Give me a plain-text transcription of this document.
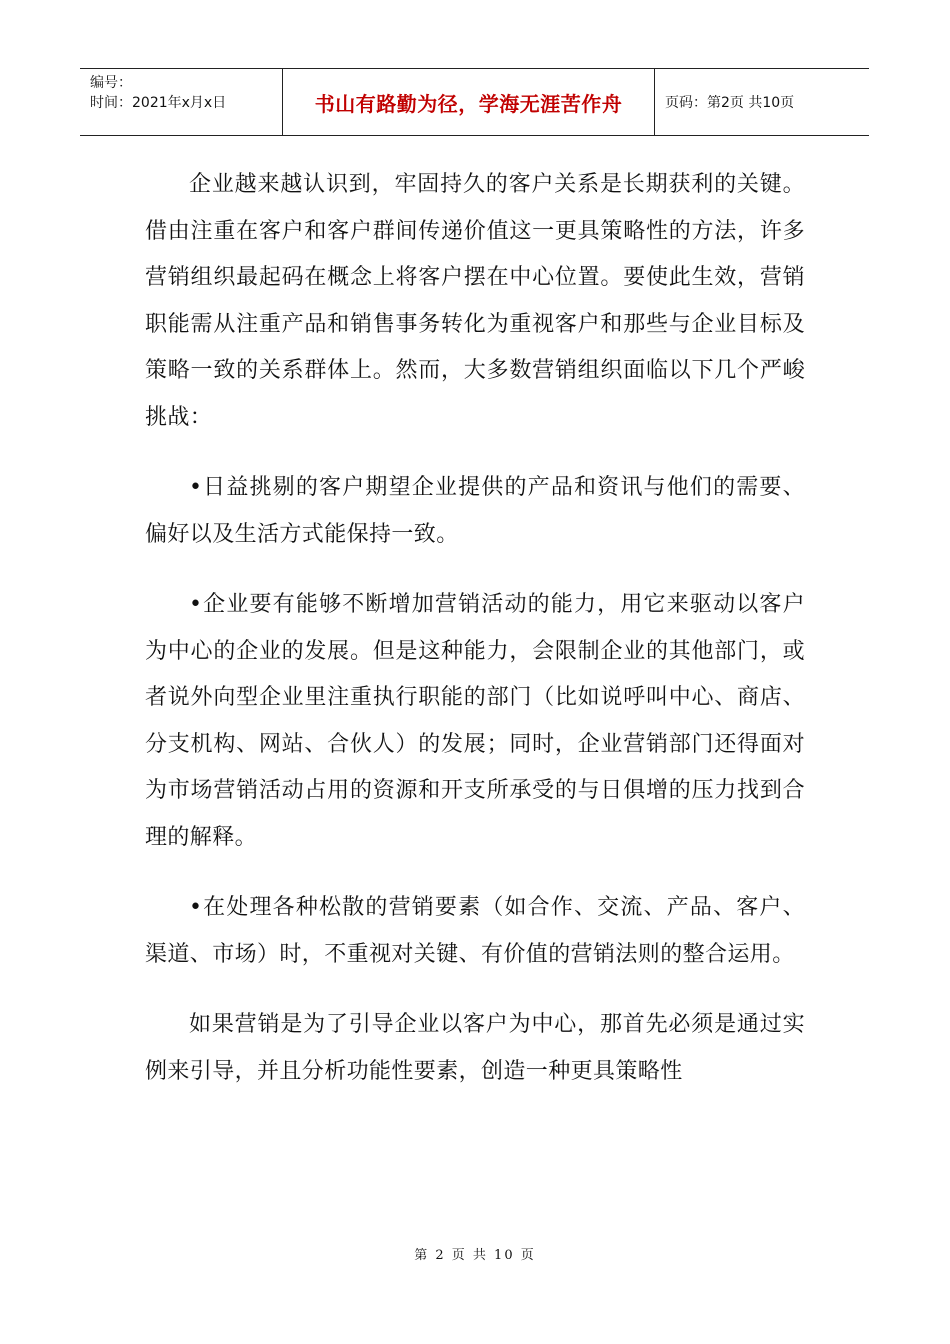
编号：
时间：2021年x月x日	书山有路勤为径，学海无涯苦作舟	页码：第2页 共10页

企业越来越认识到，牢固持久的客户关系是长期获利的关键。借由注重在客户和客户群间传递价值这一更具策略性的方法，许多营销组织最起码在概念上将客户摆在中心位置。要使此生效，营销职能需从注重产品和销售事务转化为重视客户和那些与企业目标及策略一致的关系群体上。然而，大多数营销组织面临以下几个严峻挑战：

•日益挑剔的客户期望企业提供的产品和资讯与他们的需要、偏好以及生活方式能保持一致。

•企业要有能够不断增加营销活动的能力，用它来驱动以客户为中心的企业的发展。但是这种能力，会限制企业的其他部门，或者说外向型企业里注重执行职能的部门（比如说呼叫中心、商店、分支机构、网站、合伙人）的发展；同时，企业营销部门还得面对为市场营销活动占用的资源和开支所承受的与日俱增的压力找到合理的解释。

•在处理各种松散的营销要素（如合作、交流、产品、客户、渠道、市场）时，不重视对关键、有价值的营销法则的整合运用。

如果营销是为了引导企业以客户为中心，那首先必须是通过实例来引导，并且分析功能性要素，创造一种更具策略性

第 2 页 共 10 页
